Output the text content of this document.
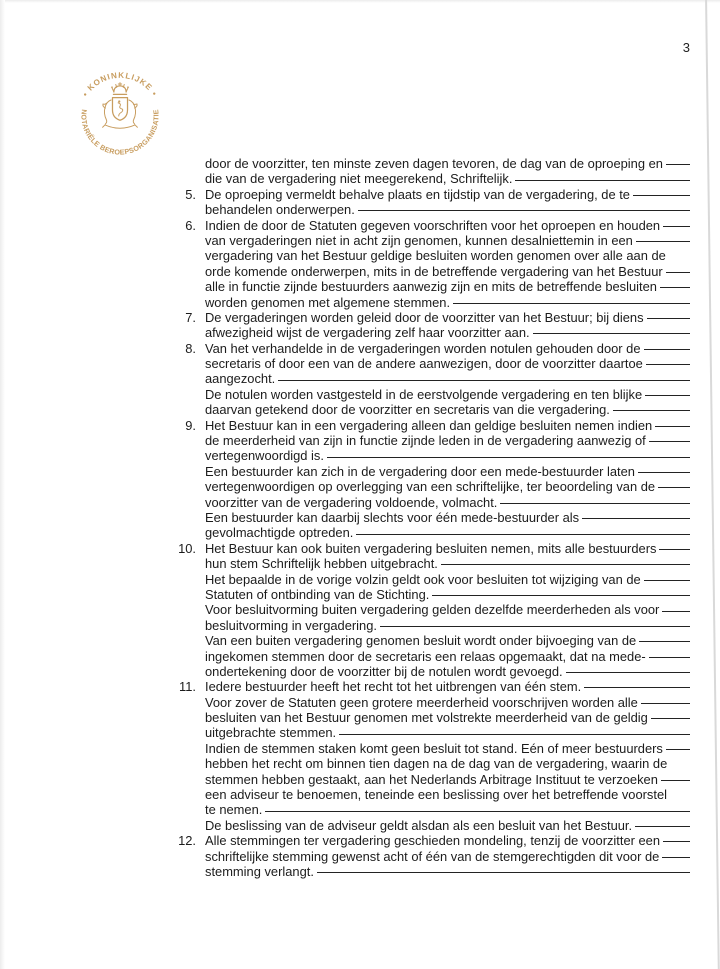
3
• KONINKLIJKE •
NOTARIËLE BEROEPSORGANISATIE
door de voorzitter, ten minste zeven dagen tevoren, de dag van de oproeping en
die van de vergadering niet meegerekend, Schriftelijk.
5. De oproeping vermeldt behalve plaats en tijdstip van de vergadering, de te
behandelen onderwerpen.
6. Indien de door de Statuten gegeven voorschriften voor het oproepen en houden
van vergaderingen niet in acht zijn genomen, kunnen desalniettemin in een
vergadering van het Bestuur geldige besluiten worden genomen over alle aan de
orde komende onderwerpen, mits in de betreffende vergadering van het Bestuur
alle in functie zijnde bestuurders aanwezig zijn en mits de betreffende besluiten
worden genomen met algemene stemmen.
7. De vergaderingen worden geleid door de voorzitter van het Bestuur; bij diens
afwezigheid wijst de vergadering zelf haar voorzitter aan.
8. Van het verhandelde in de vergaderingen worden notulen gehouden door de
secretaris of door een van de andere aanwezigen, door de voorzitter daartoe
aangezocht.
De notulen worden vastgesteld in de eerstvolgende vergadering en ten blijke
daarvan getekend door de voorzitter en secretaris van die vergadering.
9. Het Bestuur kan in een vergadering alleen dan geldige besluiten nemen indien
de meerderheid van zijn in functie zijnde leden in de vergadering aanwezig of
vertegenwoordigd is.
Een bestuurder kan zich in de vergadering door een mede-bestuurder laten
vertegenwoordigen op overlegging van een schriftelijke, ter beoordeling van de
voorzitter van de vergadering voldoende, volmacht.
Een bestuurder kan daarbij slechts voor één mede-bestuurder als
gevolmachtigde optreden.
10. Het Bestuur kan ook buiten vergadering besluiten nemen, mits alle bestuurders
hun stem Schriftelijk hebben uitgebracht.
Het bepaalde in de vorige volzin geldt ook voor besluiten tot wijziging van de
Statuten of ontbinding van de Stichting.
Voor besluitvorming buiten vergadering gelden dezelfde meerderheden als voor
besluitvorming in vergadering.
Van een buiten vergadering genomen besluit wordt onder bijvoeging van de
ingekomen stemmen door de secretaris een relaas opgemaakt, dat na mede-
ondertekening door de voorzitter bij de notulen wordt gevoegd.
11. Iedere bestuurder heeft het recht tot het uitbrengen van één stem.
Voor zover de Statuten geen grotere meerderheid voorschrijven worden alle
besluiten van het Bestuur genomen met volstrekte meerderheid van de geldig
uitgebrachte stemmen.
Indien de stemmen staken komt geen besluit tot stand. Eén of meer bestuurders
hebben het recht om binnen tien dagen na de dag van de vergadering, waarin de
stemmen hebben gestaakt, aan het Nederlands Arbitrage Instituut te verzoeken
een adviseur te benoemen, teneinde een beslissing over het betreffende voorstel
te nemen.
De beslissing van de adviseur geldt alsdan als een besluit van het Bestuur.
12. Alle stemmingen ter vergadering geschieden mondeling, tenzij de voorzitter een
schriftelijke stemming gewenst acht of één van de stemgerechtigden dit voor de
stemming verlangt.
